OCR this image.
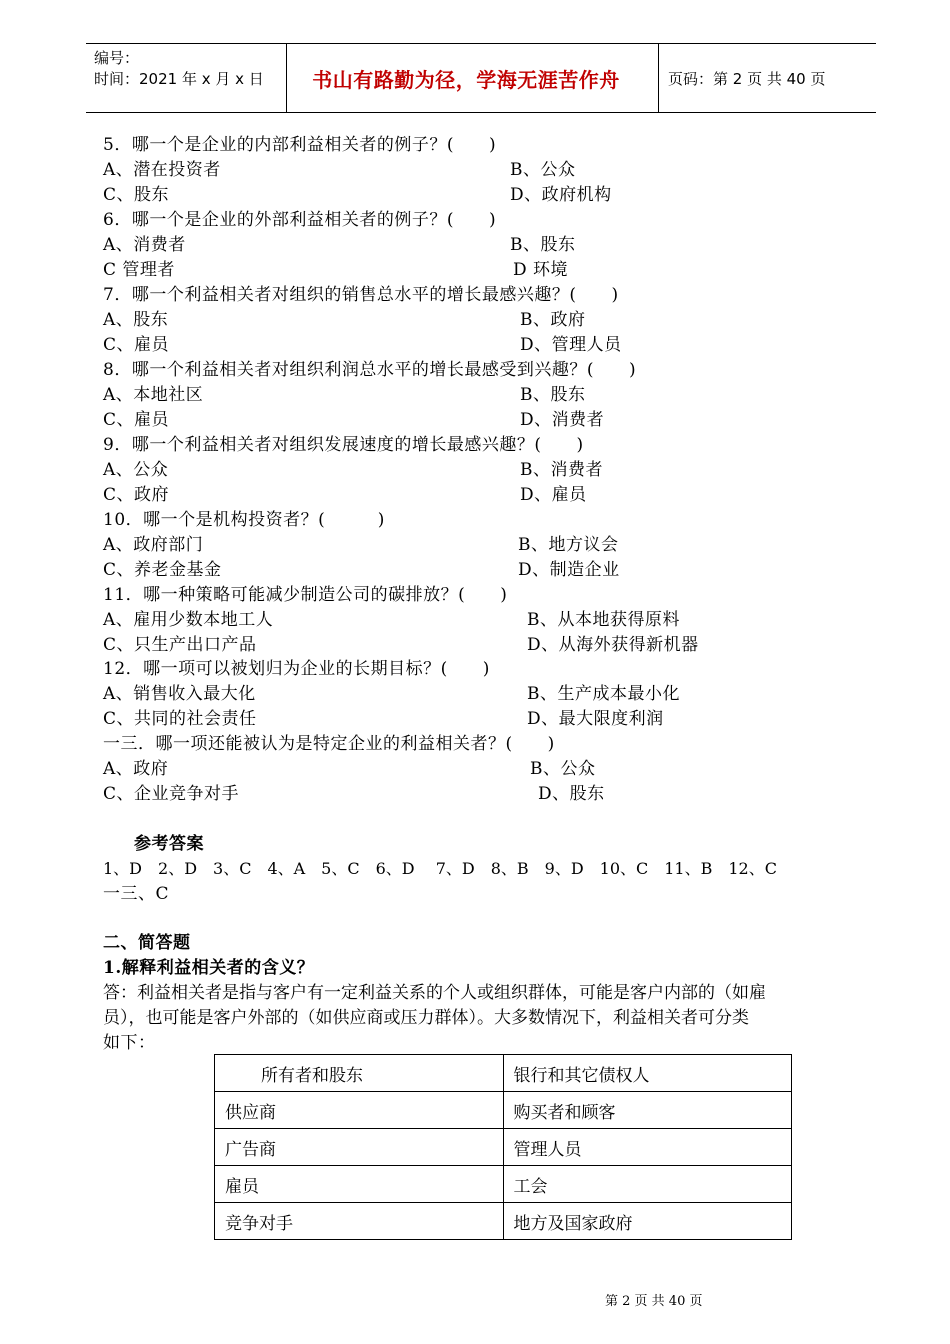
编号：
时间：2021 年 x 月 x 日	书山有路勤为径，学海无涯苦作舟	页码：第 2 页 共 40 页
5．哪一个是企业的内部利益相关者的例子？(　　)
A、潜在投资者	B、公众
C、股东	D、政府机构
6．哪一个是企业的外部利益相关者的例子？(　　)
A、消费者	B、股东
C 管理者	D 环境
7．哪一个利益相关者对组织的销售总水平的增长最感兴趣？(　　)
A、股东	B、政府
C、雇员	D、管理人员
8．哪一个利益相关者对组织利润总水平的增长最感受到兴趣？(　　)
A、本地社区	B、股东
C、雇员	D、消费者
9．哪一个利益相关者对组织发展速度的增长最感兴趣？(　　)
A、公众	B、消费者
C、政府	D、雇员
10．哪一个是机构投资者？(　　　)
A、政府部门	B、地方议会
C、养老金基金	D、制造企业
11．哪一种策略可能减少制造公司的碳排放？(　　)
A、雇用少数本地工人	B、从本地获得原料
C、只生产出口产品	D、从海外获得新机器
12．哪一项可以被划归为企业的长期目标？(　　)
A、销售收入最大化	B、生产成本最小化
C、共同的社会责任	D、最大限度利润
一三．哪一项还能被认为是特定企业的利益相关者？(　　)
A、政府	B、公众
C、企业竞争对手	D、股东
参考答案
1、D　2、D　3、C　4、A　5、C　6、D　 7、D　8、B　9、D　10、C　11、B　12、C
一三、C
二、简答题
1.解释利益相关者的含义？
答：利益相关者是指与客户有一定利益关系的个人或组织群体，可能是客户内部的（如雇
员），也可能是客户外部的（如供应商或压力群体）。大多数情况下，利益相关者可分类
如下：
所有者和股东	银行和其它债权人
供应商	购买者和顾客
广告商	管理人员
雇员	工会
竞争对手	地方及国家政府
第 2 页 共 40 页
